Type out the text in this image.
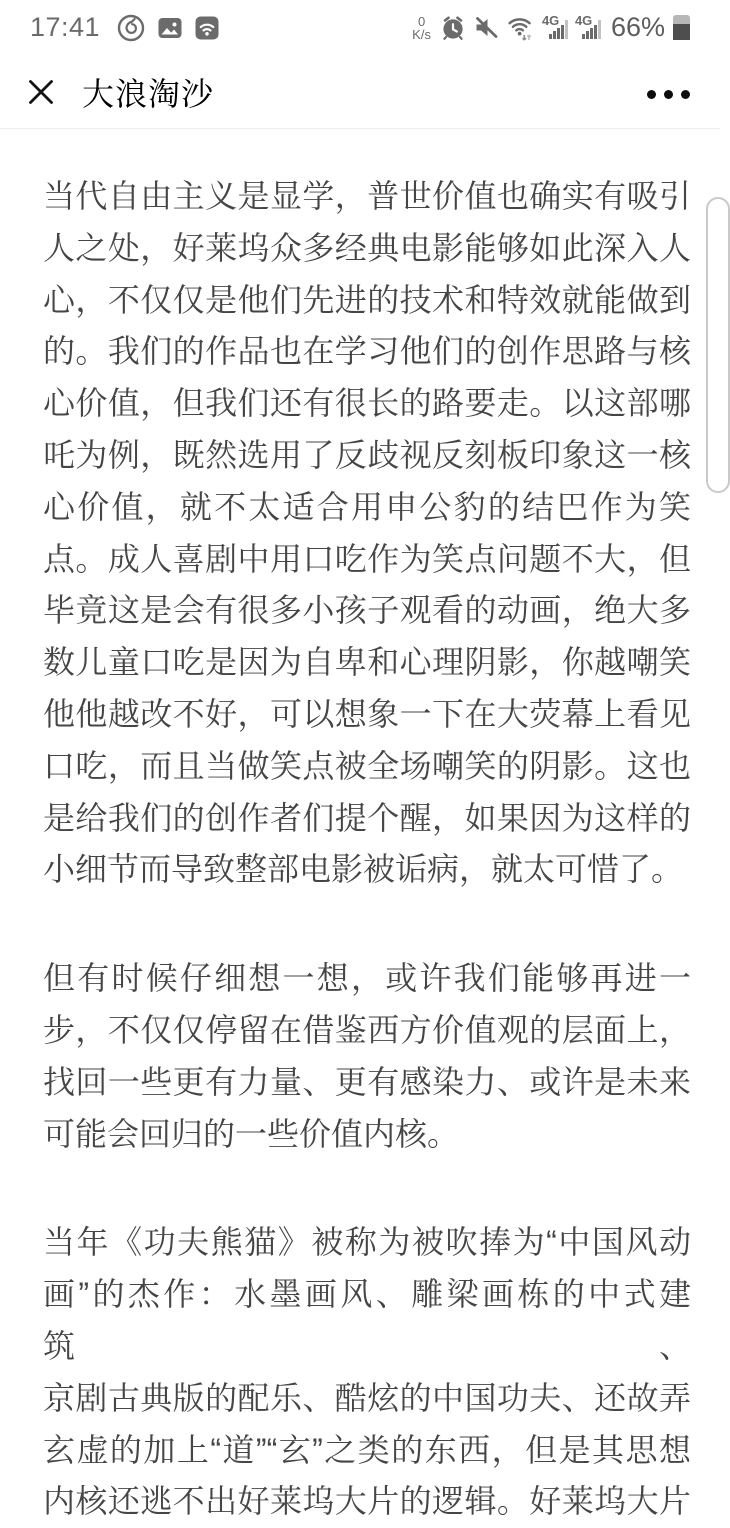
17:41	0
K/s
4G 4G 66%
大浪淘沙
当代自由主义是显学，普世价值也确实有吸引
人之处，好莱坞众多经典电影能够如此深入人
心，不仅仅是他们先进的技术和特效就能做到
的。我们的作品也在学习他们的创作思路与核
心价值，但我们还有很长的路要走。以这部哪
吒为例，既然选用了反歧视反刻板印象这一核
心价值，就不太适合用申公豹的结巴作为笑
点。成人喜剧中用口吃作为笑点问题不大，但
毕竟这是会有很多小孩子观看的动画，绝大多
数儿童口吃是因为自卑和心理阴影，你越嘲笑
他他越改不好，可以想象一下在大荧幕上看见
口吃，而且当做笑点被全场嘲笑的阴影。这也
是给我们的创作者们提个醒，如果因为这样的
小细节而导致整部电影被诟病，就太可惜了。
但有时候仔细想一想，或许我们能够再进一
步，不仅仅停留在借鉴西方价值观的层面上，
找回一些更有力量、更有感染力、或许是未来
可能会回归的一些价值内核。
当年《功夫熊猫》被称为被吹捧为“中国风动
画”的杰作：水墨画风、雕梁画栋的中式建筑、
京剧古典版的配乐、酷炫的中国功夫、还故弄
玄虚的加上“道”“玄”之类的东西，但是其思想
内核还逃不出好莱坞大片的逻辑。好莱坞大片
